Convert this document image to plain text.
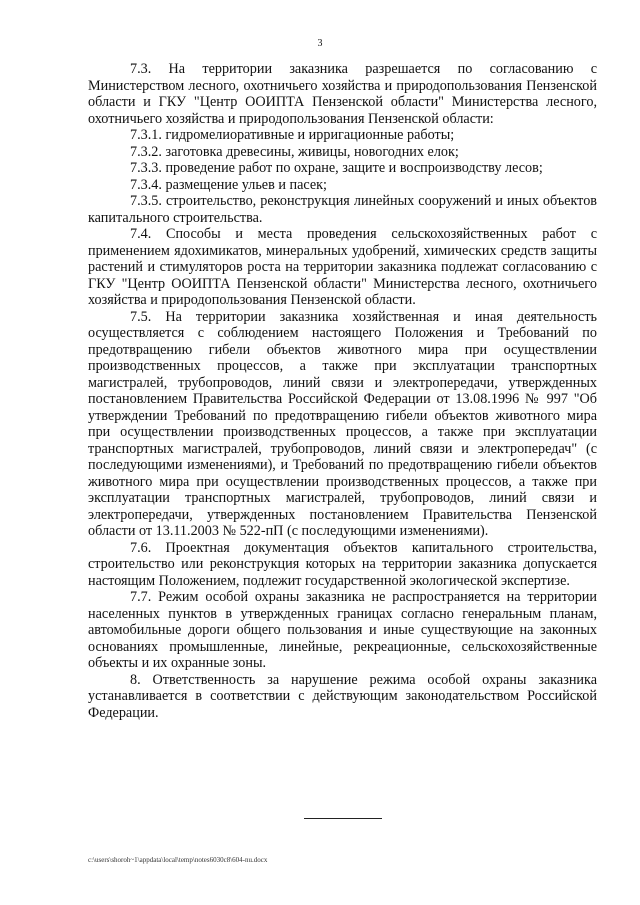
3

7.3. На территории заказника разрешается по согласованию с Министерством лесного, охотничьего хозяйства и природопользования Пензенской области и ГКУ "Центр ООИПТА Пензенской области" Министерства лесного, охотничьего хозяйства и природопользования Пензенской области:

7.3.1. гидромелиоративные и ирригационные работы;

7.3.2. заготовка древесины, живицы, новогодних елок;

7.3.3. проведение работ по охране, защите и воспроизводству лесов;

7.3.4. размещение ульев и пасек;

7.3.5. строительство, реконструкция линейных сооружений и иных объектов капитального строительства.

7.4. Способы и места проведения сельскохозяйственных работ с применением ядохимикатов, минеральных удобрений, химических средств защиты растений и стимуляторов роста на территории заказника подлежат согласованию с ГКУ "Центр ООИПТА Пензенской области" Министерства лесного, охотничьего хозяйства и природопользования Пензенской области.

7.5. На территории заказника хозяйственная и иная деятельность осуществляется с соблюдением настоящего Положения и Требований по предотвращению гибели объектов животного мира при осуществлении производственных процессов, а также при эксплуатации транспортных магистралей, трубопроводов, линий связи и электропередачи, утвержденных постановлением Правительства Российской Федерации от 13.08.1996 № 997 "Об утверждении Требований по предотвращению гибели объектов животного мира при осуществлении производственных процессов, а также при эксплуатации транспортных магистралей, трубопроводов, линий связи и электропередач" (с последующими изменениями), и Требований по предотвращению гибели объектов животного мира при осуществлении производственных процессов, а также при эксплуатации транспортных магистралей, трубопроводов, линий связи и электропередачи, утвержденных постановлением Правительства Пензенской области от 13.11.2003 № 522-пП (с последующими изменениями).

7.6. Проектная документация объектов капитального строительства, строительство или реконструкция которых на территории заказника допускается настоящим Положением, подлежит государственной экологической экспертизе.

7.7. Режим особой охраны заказника не распространяется на территории населенных пунктов в утвержденных границах согласно генеральным планам, автомобильные дороги общего пользования и иные существующие на законных основаниях промышленные, линейные, рекреационные, сельскохозяйственные объекты и их охранные зоны.

8. Ответственность за нарушение режима особой охраны заказника устанавливается в соответствии с действующим законодательством Российской Федерации.

c:\users\shoroh~1\appdata\local\temp\notes6030c8\604-nu.docx
